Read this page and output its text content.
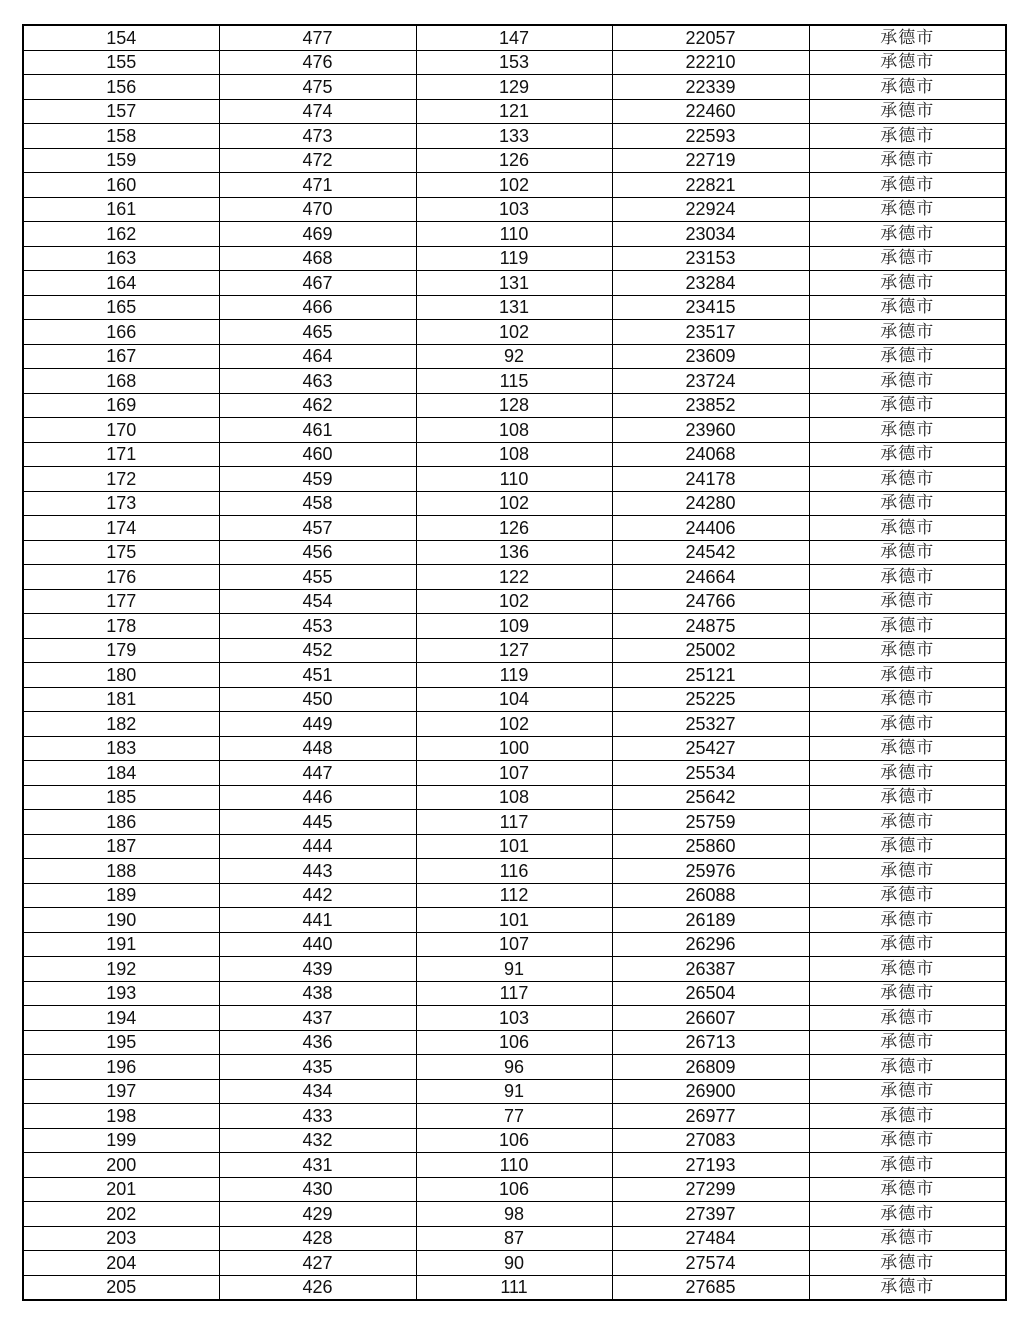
154	477	147	22057	承德市
155	476	153	22210	承德市
156	475	129	22339	承德市
157	474	121	22460	承德市
158	473	133	22593	承德市
159	472	126	22719	承德市
160	471	102	22821	承德市
161	470	103	22924	承德市
162	469	110	23034	承德市
163	468	119	23153	承德市
164	467	131	23284	承德市
165	466	131	23415	承德市
166	465	102	23517	承德市
167	464	92	23609	承德市
168	463	115	23724	承德市
169	462	128	23852	承德市
170	461	108	23960	承德市
171	460	108	24068	承德市
172	459	110	24178	承德市
173	458	102	24280	承德市
174	457	126	24406	承德市
175	456	136	24542	承德市
176	455	122	24664	承德市
177	454	102	24766	承德市
178	453	109	24875	承德市
179	452	127	25002	承德市
180	451	119	25121	承德市
181	450	104	25225	承德市
182	449	102	25327	承德市
183	448	100	25427	承德市
184	447	107	25534	承德市
185	446	108	25642	承德市
186	445	117	25759	承德市
187	444	101	25860	承德市
188	443	116	25976	承德市
189	442	112	26088	承德市
190	441	101	26189	承德市
191	440	107	26296	承德市
192	439	91	26387	承德市
193	438	117	26504	承德市
194	437	103	26607	承德市
195	436	106	26713	承德市
196	435	96	26809	承德市
197	434	91	26900	承德市
198	433	77	26977	承德市
199	432	106	27083	承德市
200	431	110	27193	承德市
201	430	106	27299	承德市
202	429	98	27397	承德市
203	428	87	27484	承德市
204	427	90	27574	承德市
205	426	111	27685	承德市
